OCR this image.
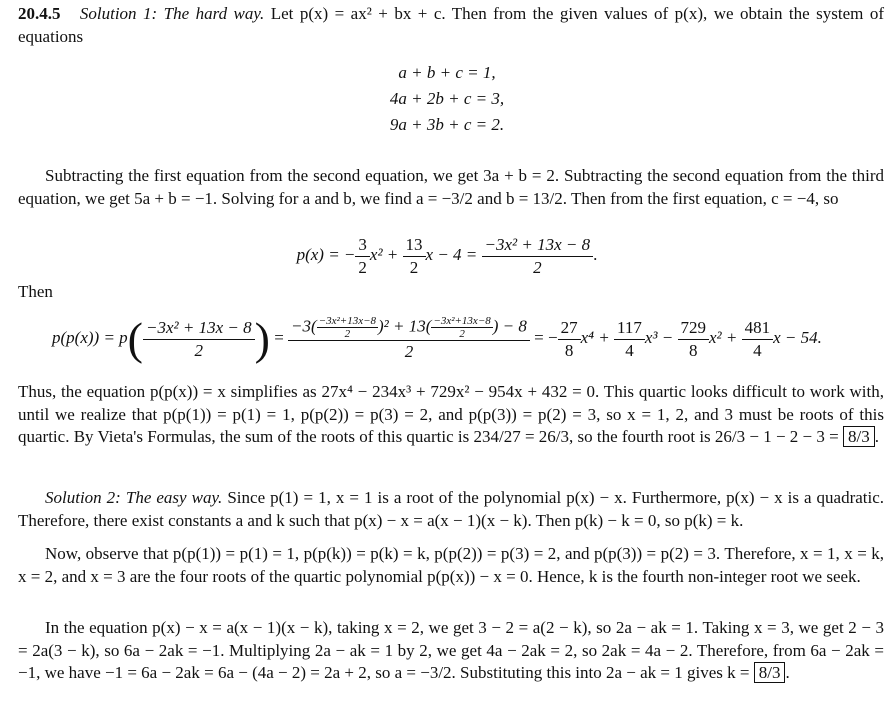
20.4.5 Solution 1: The hard way. Let p(x) = ax² + bx + c. Then from the given values of p(x), we obtain the system of equations

a + b + c = 1,
4a + 2b + c = 3,
9a + 3b + c = 2.

Subtracting the first equation from the second equation, we get 3a + b = 2. Subtracting the second equation from the third equation, we get 5a + b = −1. Solving for a and b, we find a = −3/2 and b = 13/2. Then from the first equation, c = −4, so

p(x) = − $\frac{3}{2} x^2 + \frac{13}{2}$ $x - 4 = \frac{\text{−3x² + 13x − 8}}{2}$ .

Then

$p(p(x)) = p( \frac{\text{−3x² + 13x − 8}}{2}$ ) = $\frac{-3( \frac{\text{−3x²+13x−8}}{2} )^2 + 13( \frac{\text{−3x²+13x−8}}{2} ) - 8}{2}$ = − $\frac{27}{8} x^4 + \frac{117}{4} x^3 - \frac{729}{8} x^2 + \frac{481}{4}$ x − 54.

Thus, the equation p(p(x)) = x simplifies as 27x⁴ − 234x³ + 729x² − 954x + 432 = 0. This quartic looks difficult to work with, until we realize that p(p(1)) = p(1) = 1, p(p(2)) = p(3) = 2, and p(p(3)) = p(2) = 3, so x = 1, 2, and 3 must be roots of this quartic. By Vieta's Formulas, the sum of the roots of this quartic is 234/27 = 26/3, so the fourth root is 26/3 − 1 − 2 − 3 = 8/3 .

Solution 2: The easy way. Since p(1) = 1, x = 1 is a root of the polynomial p(x) − x. Furthermore, p(x) − x is a quadratic. Therefore, there exist constants a and k such that p(x) − x = a(x − 1)(x − k). Then p(k) − k = 0, so p(k) = k.

Now, observe that p(p(1)) = p(1) = 1, p(p(k)) = p(k) = k, p(p(2)) = p(3) = 2, and p(p(3)) = p(2) = 3. Therefore, x = 1, x = k, x = 2, and x = 3 are the four roots of the quartic polynomial p(p(x)) − x = 0. Hence, k is the fourth non-integer root we seek.

In the equation p(x) − x = a(x − 1)(x − k), taking x = 2, we get 3 − 2 = a(2 − k), so 2a − ak = 1. Taking x = 3, we get 2 − 3 = 2a(3 − k), so 6a − 2ak = −1. Multiplying 2a − ak = 1 by 2, we get 4a − 2ak = 2, so 2ak = 4a − 2. Therefore, from 6a − 2ak = −1, we have −1 = 6a − 2ak = 6a − (4a − 2) = 2a + 2, so a = −3/2. Substituting this into 2a − ak = 1 gives k = 8/3 .
